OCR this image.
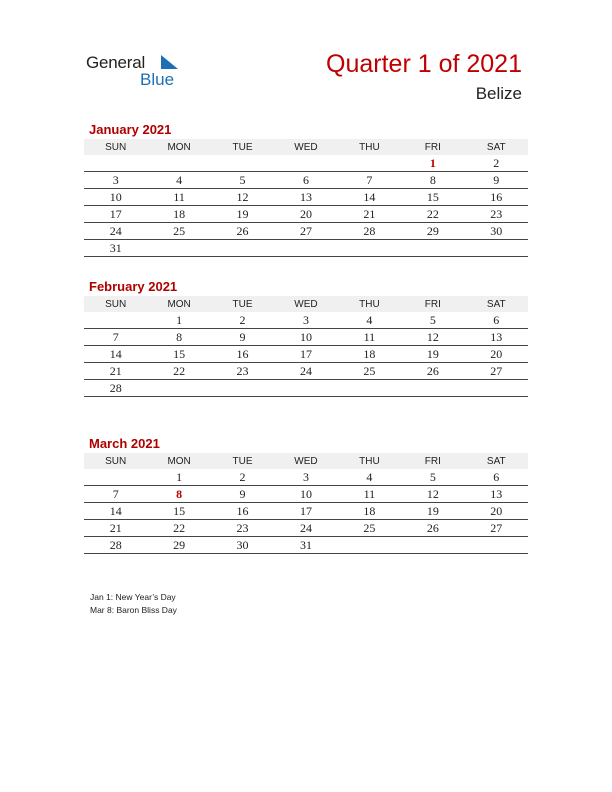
General
Blue
Quarter 1 of 2021
Belize
January 2021
SUN	MON	TUE	WED	THU	FRI	SAT
					1	2
3	4	5	6	7	8	9
10	11	12	13	14	15	16
17	18	19	20	21	22	23
24	25	26	27	28	29	30
31						
February 2021
SUN	MON	TUE	WED	THU	FRI	SAT
	1	2	3	4	5	6
7	8	9	10	11	12	13
14	15	16	17	18	19	20
21	22	23	24	25	26	27
28						
March 2021
SUN	MON	TUE	WED	THU	FRI	SAT
	1	2	3	4	5	6
7	8	9	10	11	12	13
14	15	16	17	18	19	20
21	22	23	24	25	26	27
28	29	30	31			
Jan 1: New Year’s Day
Mar 8: Baron Bliss Day
